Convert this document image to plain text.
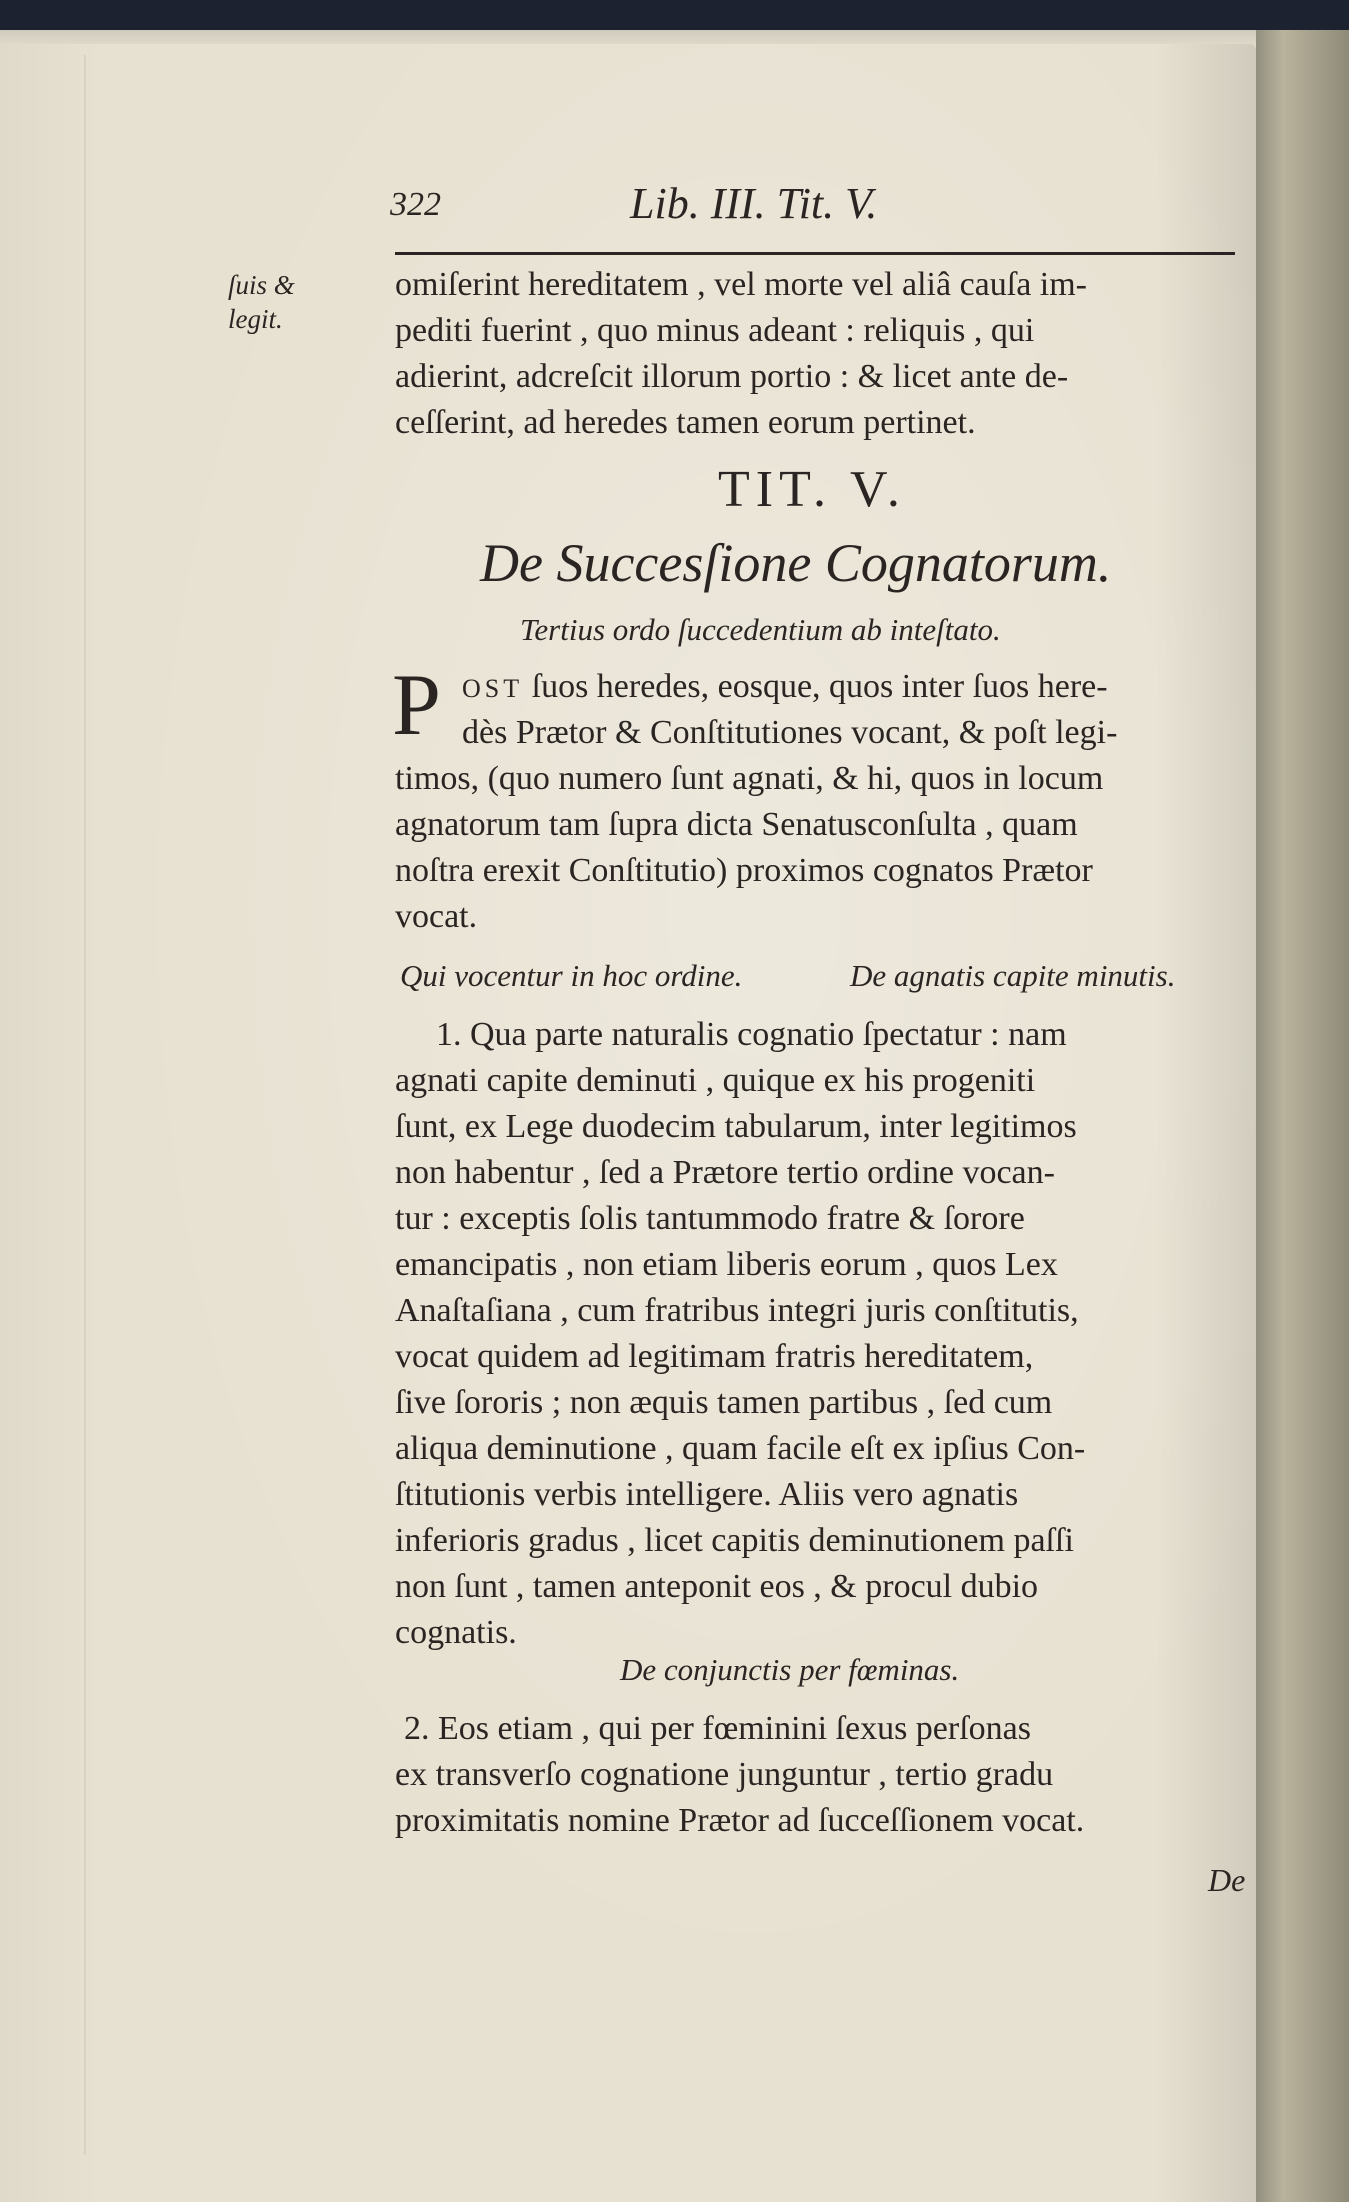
322	Lib. III. Tit. V.
ſuis &
legit.
omiſerint hereditatem , vel morte vel aliâ cauſa im-
pediti fuerint , quo minus adeant : reliquis , qui
adierint, adcreſcit illorum portio : & licet ante de-
ceſſerint, ad heredes tamen eorum pertinet.
TIT. V.
De Succesſione Cognatorum.
Tertius ordo ſuccedentium ab inteſtato.
P OST ſuos heredes, eosque, quos inter ſuos here-
dès Prætor & Conſtitutiones vocant, & poſt legi-
timos, (quo numero ſunt agnati, & hi, quos in locum
agnatorum tam ſupra dicta Senatusconſulta , quam
noſtra erexit Conſtitutio) proximos cognatos Prætor
vocat.
Qui vocentur in hoc ordine.	De agnatis capite minutis.
1. Qua parte naturalis cognatio ſpectatur : nam
agnati capite deminuti , quique ex his progeniti
ſunt, ex Lege duodecim tabularum, inter legitimos
non habentur , ſed a Prætore tertio ordine vocan-
tur : exceptis ſolis tantummodo fratre & ſorore
emancipatis , non etiam liberis eorum , quos Lex
Anaſtaſiana , cum fratribus integri juris conſtitutis,
vocat quidem ad legitimam fratris hereditatem,
ſive ſororis ; non æquis tamen partibus , ſed cum
aliqua deminutione , quam facile eſt ex ipſius Con-
ſtitutionis verbis intelligere. Aliis vero agnatis
inferioris gradus , licet capitis deminutionem paſſi
non ſunt , tamen anteponit eos , & procul dubio
cognatis.
De conjunctis per fœminas.
2. Eos etiam , qui per fœminini ſexus perſonas
ex transverſo cognatione junguntur , tertio gradu
proximitatis nomine Prætor ad ſucceſſionem vocat.
De
